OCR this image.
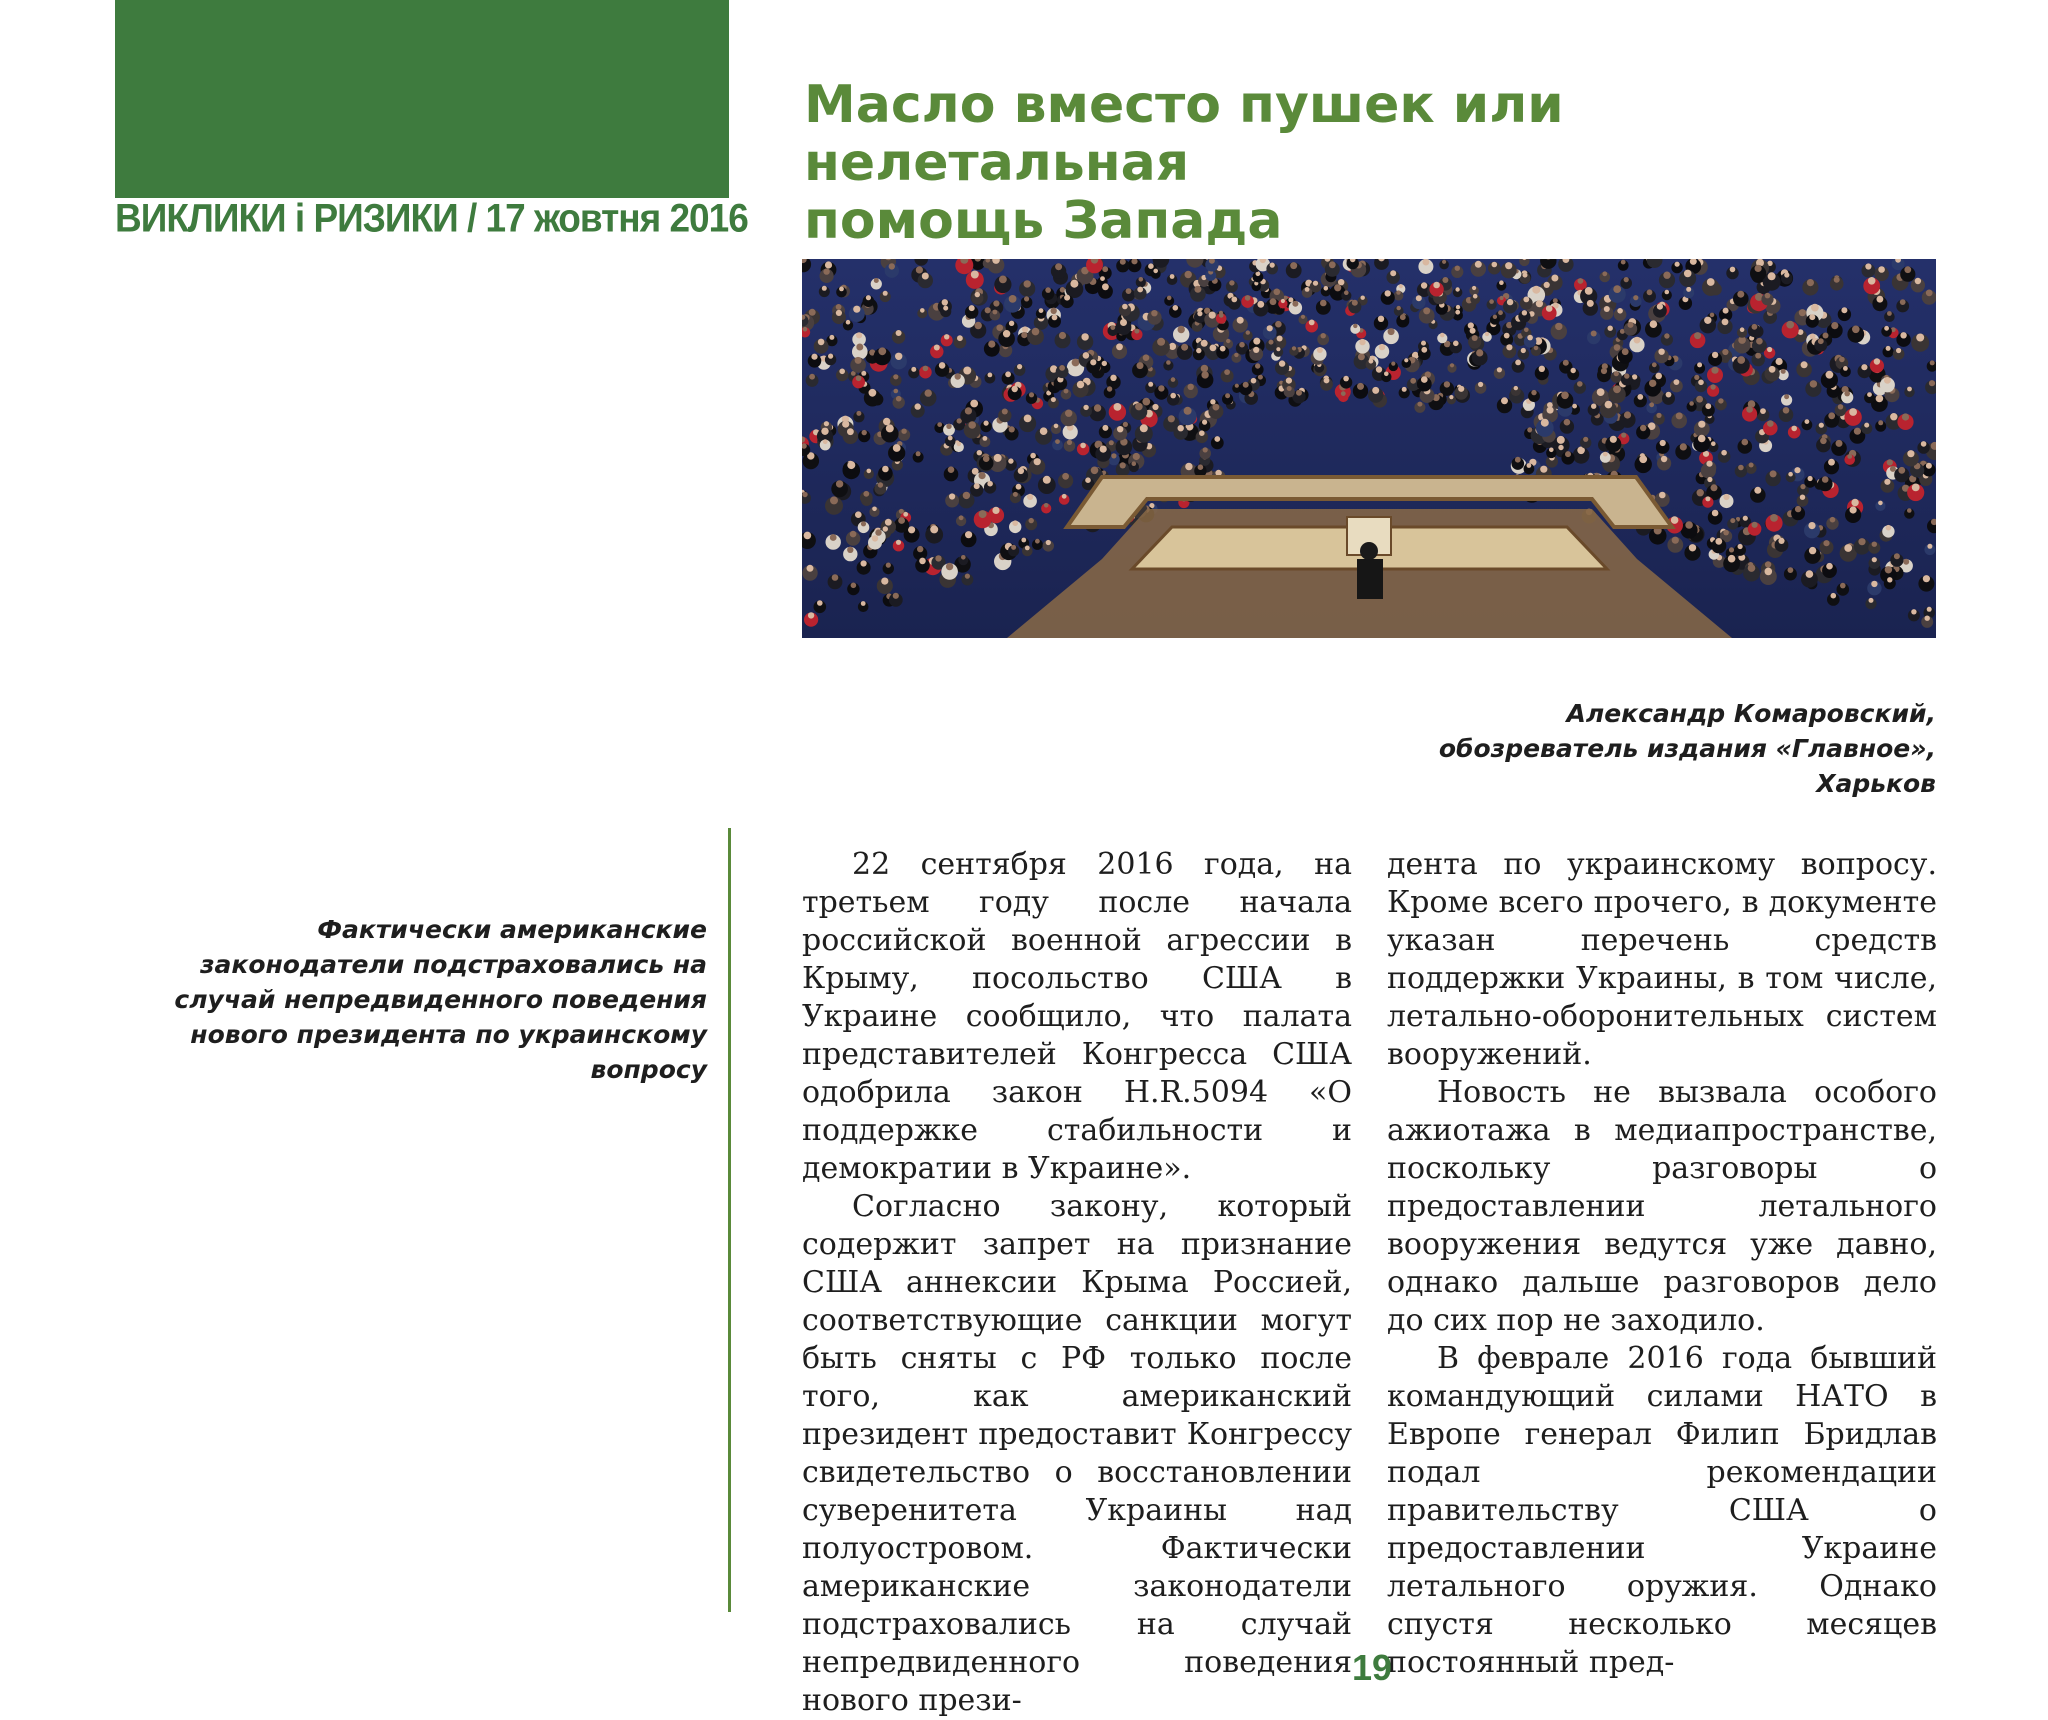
ВИКЛИКИ і РИЗИКИ / 17 жовтня 2016
Масло вместо пушек или нелетальная
помощь Запада
Александр Комаровский,
обозреватель издания «Главное»,
Харьков
Фактически американские законодатели подстраховались на случай непредвиденного поведения нового президента по украинскому вопросу

22 сентября 2016 года, на третьем году после начала российской военной агрессии в Крыму, посольство США в Украине сообщило, что палата представителей Конгресса США одобрила закон H.R.5094 «О поддержке стабильности и демократии в Украине».

Согласно закону, который содержит запрет на признание США аннексии Крыма Россией, соответствующие санкции могут быть сняты с РФ только после того, как американский президент предоставит Конгрессу свидетельство о восстановлении суверенитета Украины над полуостровом. Фактически американские законодатели подстраховались на случай непредвиденного поведения нового прези-

дента по украинскому вопросу. Кроме всего прочего, в документе указан перечень средств поддержки Украины, в том числе, летально-оборонительных систем вооружений.

Новость не вызвала особого ажиотажа в медиапространстве, поскольку разговоры о предоставлении летального вооружения ведутся уже давно, однако дальше разговоров дело до сих пор не заходило.

В феврале 2016 года бывший командующий силами НАТО в Европе генерал Филип Бридлав подал рекомендации правительству США о предоставлении Украине летального оружия. Однако спустя несколько месяцев постоянный пред-

19
